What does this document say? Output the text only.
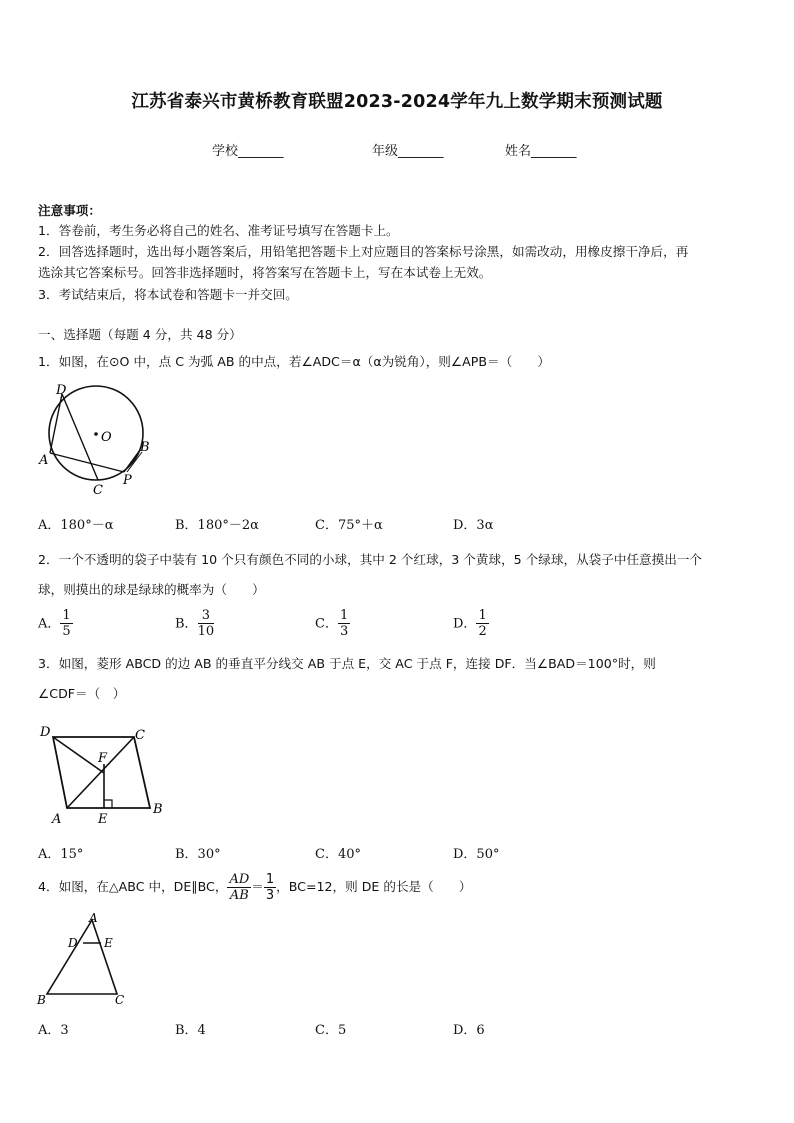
江苏省泰兴市黄桥教育联盟2023-2024学年九上数学期末预测试题
学校_______	年级_______	姓名_______
注意事项：
1．答卷前，考生务必将自己的姓名、准考证号填写在答题卡上。
2．回答选择题时，选出每小题答案后，用铅笔把答题卡上对应题目的答案标号涂黑，如需改动，用橡皮擦干净后，再
选涂其它答案标号。回答非选择题时，将答案写在答题卡上，写在本试卷上无效。
3．考试结束后，将本试卷和答题卡一并交回。
一、选择题（每题 4 分，共 48 分）
1．如图，在⊙O 中，点 C 为弧 AB 的中点，若∠ADC＝α（α为锐角），则∠APB＝（　　）
D
O
B
A
C
P
A．180°－α	B．180°－2α	C．75°＋α	D．3α
2．一个不透明的袋子中装有 10 个只有颜色不同的小球，其中 2 个红球，3 个黄球，5 个绿球，从袋子中任意摸出一个
球，则摸出的球是绿球的概率为（　　）
A． $\frac{1}{5}$	B． $\frac{3}{10}$	C． $\frac{1}{3}$	D． $\frac{1}{2}$
3．如图，菱形 ABCD 的边 AB 的垂直平分线交 AB 于点 E，交 AC 于点 F，连接 DF．当∠BAD＝100°时，则
∠CDF＝（　）
D	C
F
A	E
B
A．15°	B．30°	C．40°	D．50°
4．如图，在△ABC 中，DE∥BC， $\frac{AD}{AB} = \frac{1}{3}$ ，BC=12，则 DE 的长是（　　）
A
D E
B	C
A．3	B．4	C．5	D．6
